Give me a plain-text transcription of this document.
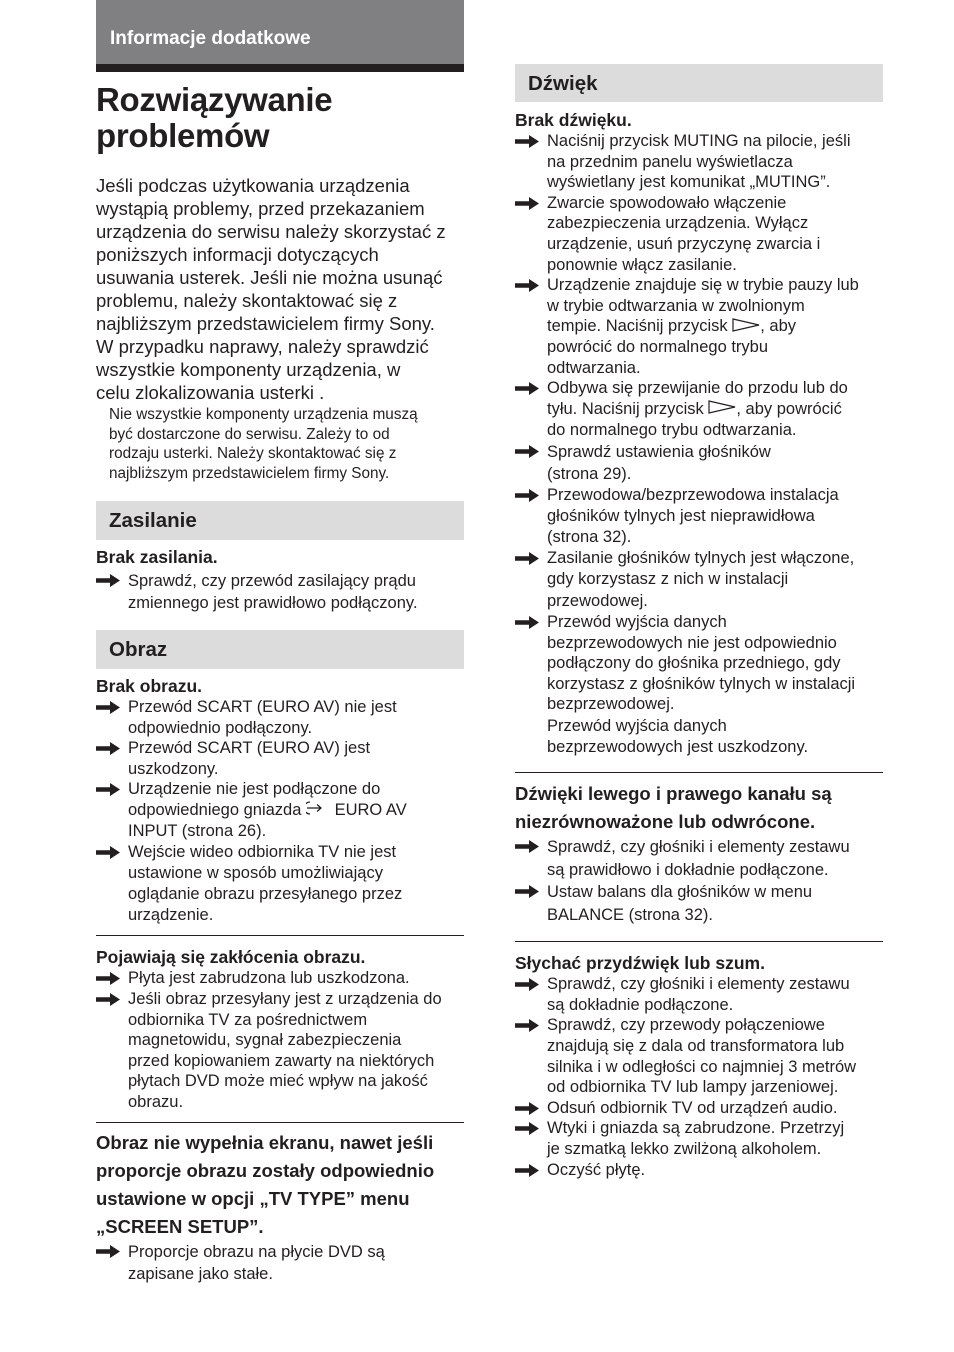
Informacje dodatkowe
Rozwiązywanie
problemów
Jeśli podczas użytkowania urządzenia
wystąpią problemy, przed przekazaniem
urządzenia do serwisu należy skorzystać z
poniższych informacji dotyczących
usuwania usterek. Jeśli nie można usunąć
problemu, należy skontaktować się z
najbliższym przedstawicielem firmy Sony.
W przypadku naprawy, należy sprawdzić
wszystkie komponenty urządzenia, w
celu zlokalizowania usterki .
Nie wszystkie komponenty urządzenia muszą
być dostarczone do serwisu. Zależy to od
rodzaju usterki. Należy skontaktować się z
najbliższym przedstawicielem firmy Sony.
Zasilanie
Brak zasilania.
Sprawdź, czy przewód zasilający prądu
zmiennego jest prawidłowo podłączony.
Obraz
Brak obrazu.
Przewód SCART (EURO AV) nie jest
odpowiednio podłączony.
Przewód SCART (EURO AV) jest
uszkodzony.
Urządzenie nie jest podłączone do
odpowiedniego gniazda  EURO AV
INPUT (strona 26).
Wejście wideo odbiornika TV nie jest
ustawione w sposób umożliwiający
oglądanie obrazu przesyłanego przez
urządzenie.
Pojawiają się zakłócenia obrazu.
Płyta jest zabrudzona lub uszkodzona.
Jeśli obraz przesyłany jest z urządzenia do
odbiornika TV za pośrednictwem
magnetowidu, sygnał zabezpieczenia
przed kopiowaniem zawarty na niektórych
płytach DVD może mieć wpływ na jakość
obrazu.
Obraz nie wypełnia ekranu, nawet jeśli
proporcje obrazu zostały odpowiednio
ustawione w opcji „TV TYPE” menu
„SCREEN SETUP”.
Proporcje obrazu na płycie DVD są
zapisane jako stałe.
Dźwięk
Brak dźwięku.
Naciśnij przycisk MUTING na pilocie, jeśli
na przednim panelu wyświetlacza
wyświetlany jest komunikat „MUTING”.
Zwarcie spowodowało włączenie
zabezpieczenia urządzenia. Wyłącz
urządzenie, usuń przyczynę zwarcia i
ponownie włącz zasilanie.
Urządzenie znajduje się w trybie pauzy lub
w trybie odtwarzania w zwolnionym
tempie. Naciśnij przycisk , aby
powrócić do normalnego trybu
odtwarzania.
Odbywa się przewijanie do przodu lub do
tyłu. Naciśnij przycisk , aby powrócić
do normalnego trybu odtwarzania.
Sprawdź ustawienia głośników
(strona 29).
Przewodowa/bezprzewodowa instalacja
głośników tylnych jest nieprawidłowa
(strona 32).
Zasilanie głośników tylnych jest włączone,
gdy korzystasz z nich w instalacji
przewodowej.
Przewód wyjścia danych
bezprzewodowych nie jest odpowiednio
podłączony do głośnika przedniego, gdy
korzystasz z głośników tylnych w instalacji
bezprzewodowej.
Przewód wyjścia danych
bezprzewodowych jest uszkodzony.
Dźwięki lewego i prawego kanału są
niezrównoważone lub odwrócone.
Sprawdź, czy głośniki i elementy zestawu
są prawidłowo i dokładnie podłączone.
Ustaw balans dla głośników w menu
BALANCE (strona 32).
Słychać przydźwięk lub szum.
Sprawdź, czy głośniki i elementy zestawu
są dokładnie podłączone.
Sprawdź, czy przewody połączeniowe
znajdują się z dala od transformatora lub
silnika i w odległości co najmniej 3 metrów
od odbiornika TV lub lampy jarzeniowej.
Odsuń odbiornik TV od urządzeń audio.
Wtyki i gniazda są zabrudzone. Przetrzyj
je szmatką lekko zwilżoną alkoholem.
Oczyść płytę.
